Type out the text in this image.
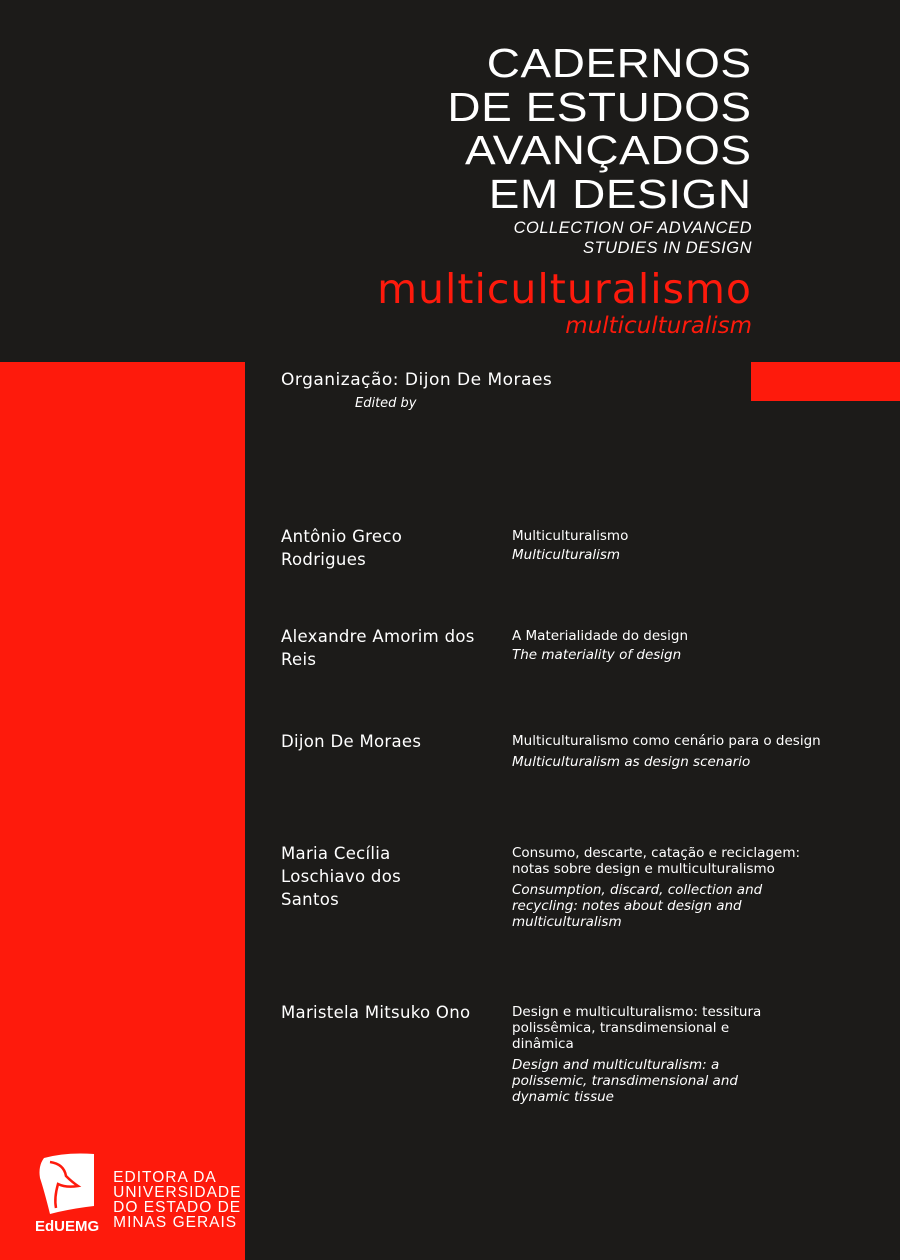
CADERNOS
DE ESTUDOS
AVANÇADOS
EM DESIGN
COLLECTION OF ADVANCED
STUDIES IN DESIGN
multiculturalismo
multiculturalism
Organização: Dijon De Moraes
Edited by
Antônio Greco Rodrigues
Multiculturalismo
Multiculturalism
Alexandre Amorim dos Reis
A Materialidade do design
The materiality of design
Dijon De Moraes	Multiculturalismo como cenário para o design
Multiculturalism as design scenario
Maria Cecília Loschiavo dos Santos
Consumo, descarte, catação e reciclagem: notas sobre design e multiculturalismo
Consumption, discard, collection and recycling: notes about design and multiculturalism
Maristela Mitsuko Ono	Design e multiculturalismo: tessitura polissêmica, transdimensional e dinâmica
Design and multiculturalism: a polissemic, transdimensional and dynamic tissue
EdUEMG
EDITORA DA
UNIVERSIDADE
DO ESTADO DE
MINAS GERAIS
